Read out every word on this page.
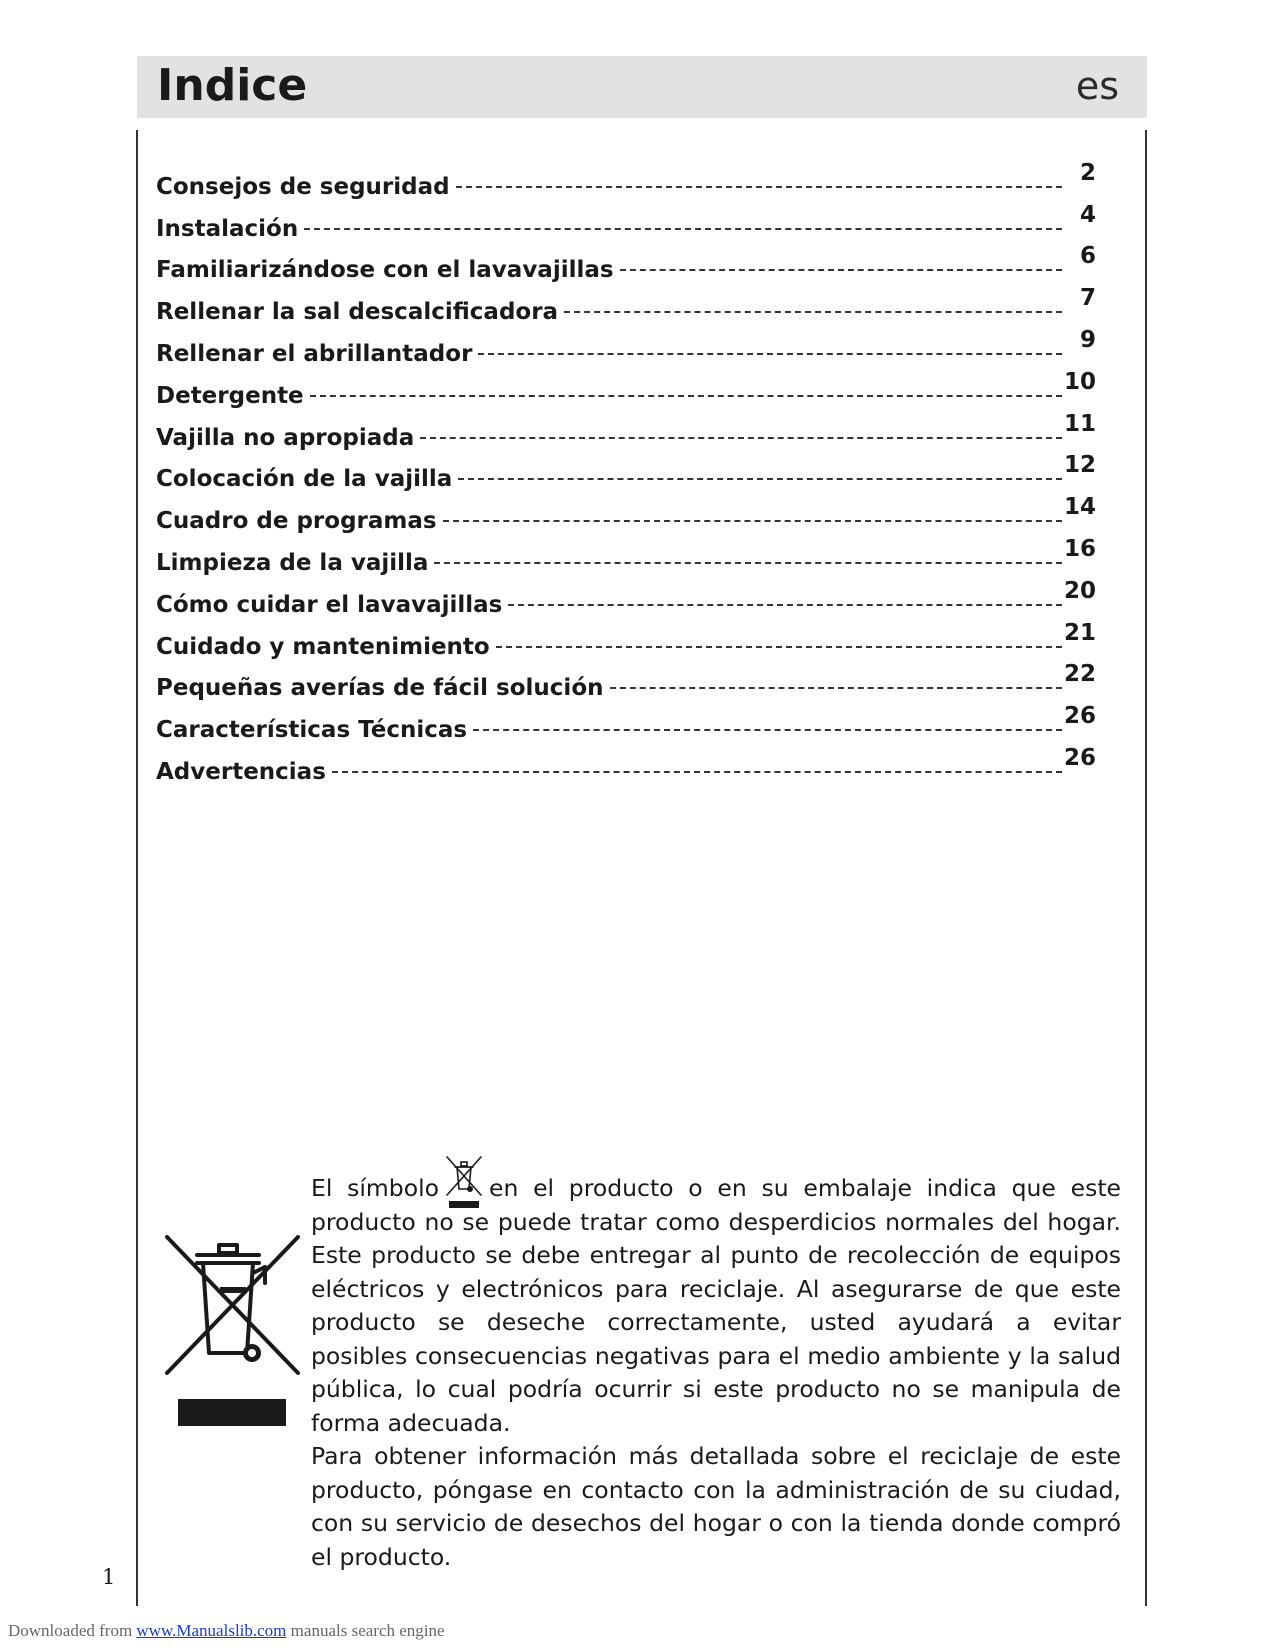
Indice	es
Consejos de seguridad
2
Instalación
4
Familiarizándose con el lavavajillas
6
Rellenar la sal descalcificadora
7
Rellenar el abrillantador
9
Detergente
10
Vajilla no apropiada
11
Colocación de la vajilla
12
Cuadro de programas
14
Limpieza de la vajilla
16
Cómo cuidar el lavavajillas
20
Cuidado y mantenimiento
21
Pequeñas averías de fácil solución
22
Características Técnicas
26
Advertencias
26

El símbolo en el producto o en su embalaje indica que este producto no se puede tratar como desperdicios normales del hogar. Este producto se debe entregar al punto de recolección de equipos eléctricos y electrónicos para reciclaje. Al asegurarse de que este producto se deseche correctamente, usted ayudará a evitar posibles consecuencias negativas para el medio ambiente y la salud pública, lo cual podría ocurrir si este producto no se manipula de forma adecuada.

Para obtener información más detallada sobre el reciclaje de este producto, póngase en contacto con la administración de su ciudad, con su servicio de desechos del hogar o con la tienda donde compró el producto.

1
Downloaded from www.Manualslib.com manuals search engine
